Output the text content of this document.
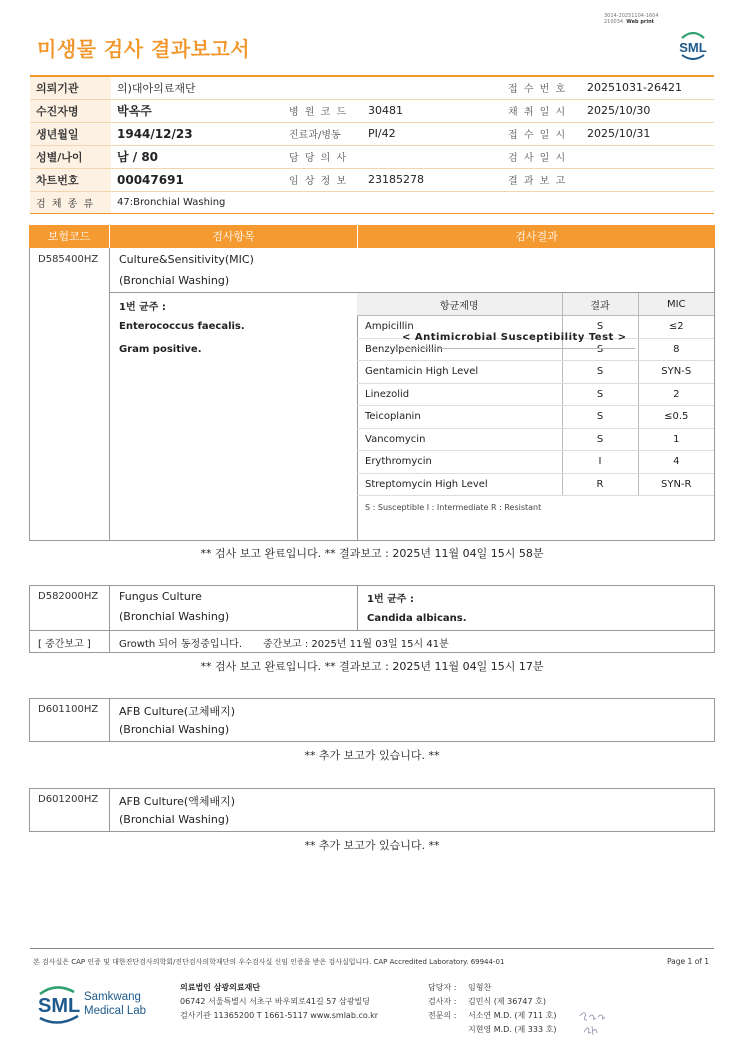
미생물 검사 결과보고서
3014-20251104-1604
210034 Web print
SML
의뢰기관	의)대아의료재단			접 수 번 호	20251031-26421
수진자명	박옥주	병 원 코 드	30481	채 취 일 시	2025/10/30
생년월일	1944/12/23	진료과/병동	PI/42	접 수 일 시	2025/10/31
성별/나이	남 / 80	담 당 의 사		검 사 일 시	
차트번호	00047691	임 상 정 보	23185278	결 과 보 고	
검 체 종 류	47:Bronchial Washing				
보험코드	검사항목	검사결과
D585400HZ Culture&Sensitivity(MIC)
(Bronchial Washing)
1번 균주 :
Enterococcus faecalis.
Gram positive.
< Antimicrobial Susceptibility Test >
항균제명	결과	MIC
Ampicillin	S	≤2
Benzylpenicillin	S	8
Gentamicin High Level	S	SYN-S
Linezolid	S	2
Teicoplanin	S	≤0.5
Vancomycin	S	1
Erythromycin	I	4
Streptomycin High Level	R	SYN-R
S : Susceptible I : Intermediate R : Resistant
** 검사 보고 완료입니다. ** 결과보고 : 2025년 11월 04일 15시 58분
D582000HZ Fungus Culture
(Bronchial Washing)
1번 균주 :
Candida albicans.
[ 중간보고 ]	Growth 되어 동정중입니다. 중간보고 : 2025년 11월 03일 15시 41분
** 검사 보고 완료입니다. ** 결과보고 : 2025년 11월 04일 15시 17분
D601100HZ AFB Culture(고체배지)
(Bronchial Washing)
** 추가 보고가 있습니다. **
D601200HZ AFB Culture(액체배지)
(Bronchial Washing)
** 추가 보고가 있습니다. **
본 검사실은 CAP 인증 및 대한진단검사의학회/진단검사의학재단의 우수검사실 신임 인증을 받은 검사실입니다. CAP Accredited Laboratory. 69944-01	Page 1 of 1
SML Samkwang
Medical Lab
의료법인 삼광의료재단
06742 서울특별시 서초구 바우뫼로41길 57 삼광빌딩
검사기관 11365200 T 1661-5117 www.smlab.co.kr
담당자 :	임형찬
검사자 :	김민식 (제 36747 호)
전문의 :	서소연 M.D. (제 711 호)
지현영 M.D. (제 333 호)
